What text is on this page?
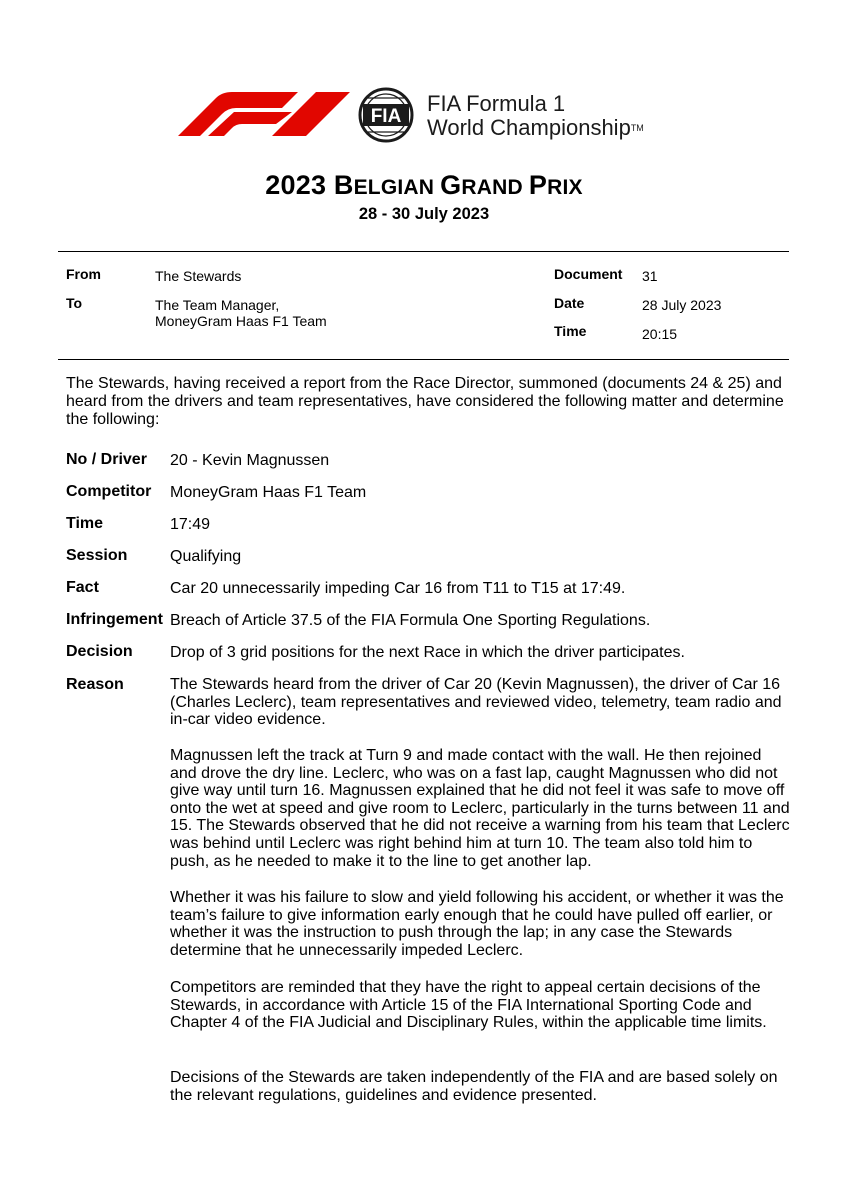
FIA
FIA Formula 1
World ChampionshipTM
2023 BELGIAN GRAND PRIX
28 - 30 July 2023
From	The Stewards
To	The Team Manager,
MoneyGram Haas F1 Team
Document 31
Date	28 July 2023
Time	20:15
The Stewards, having received a report from the Race Director, summoned (documents 24 & 25) and heard from the drivers and team representatives, have considered the following matter and determine the following:
No / Driver 20 - Kevin Magnussen
Competitor MoneyGram Haas F1 Team
Time	17:49
Session	Qualifying
Fact	Car 20 unnecessarily impeding Car 16 from T11 to T15 at 17:49.
Infringement Breach of Article 37.5 of the FIA Formula One Sporting Regulations.
Decision Drop of 3 grid positions for the next Race in which the driver participates.
Reason	The Stewards heard from the driver of Car 20 (Kevin Magnussen), the driver of Car 16 (Charles Leclerc), team representatives and reviewed video, telemetry, team radio and in-car video evidence.
Magnussen left the track at Turn 9 and made contact with the wall. He then rejoined and drove the dry line. Leclerc, who was on a fast lap, caught Magnussen who did not give way until turn 16. Magnussen explained that he did not feel it was safe to move off onto the wet at speed and give room to Leclerc, particularly in the turns between 11 and 15. The Stewards observed that he did not receive a warning from his team that Leclerc was behind until Leclerc was right behind him at turn 10. The team also told him to push, as he needed to make it to the line to get another lap.
Whether it was his failure to slow and yield following his accident, or whether it was the team’s failure to give information early enough that he could have pulled off earlier, or whether it was the instruction to push through the lap; in any case the Stewards determine that he unnecessarily impeded Leclerc.
Competitors are reminded that they have the right to appeal certain decisions of the Stewards, in accordance with Article 15 of the FIA International Sporting Code and Chapter 4 of the FIA Judicial and Disciplinary Rules, within the applicable time limits.
Decisions of the Stewards are taken independently of the FIA and are based solely on the relevant regulations, guidelines and evidence presented.
